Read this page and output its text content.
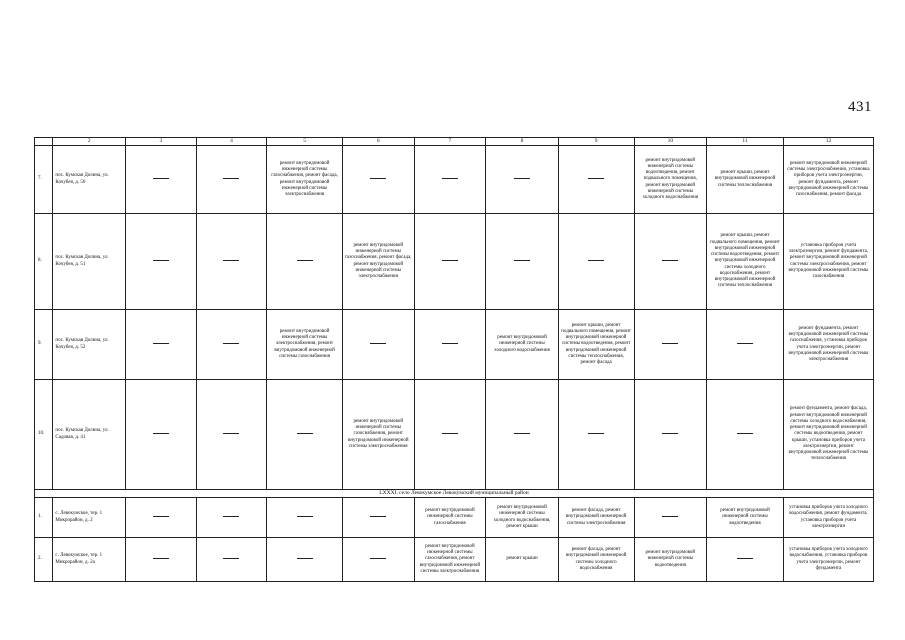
431
	2	3	4	5	6	7	8	9	10	11	12
7.	пос. Кумская Долина, ул. Кочубея, д. 50			ремонт внутридомовой инженерной системы газоснабжения, ремонт фасада, ремонт внутридомовой инженерной системы электроснабжения					ремонт внутридомовой инженерной системы водоотведения, ремонт подвального помещения, ремонт внутридомовой инженерной системы холодного водоснабжения	ремонт крыши, ремонт внутридомовой инженерной системы теплоснабжения	ремонт внутридомовой инженерной системы электроснабжения, установка приборов учета электроэнергии, ремонт фундамента, ремонт внутридомовой инженерной системы газоснабжения, ремонт фасада
8.	пос. Кумская Долина, ул. Кочубея, д. 51				ремонт внутридомовой инженерной системы газоснабжения, ремонт фасада, ремонт внутридомовой инженерной системы электроснабжения					ремонт крыши, ремонт подвального помещения, ремонт внутридомовой инженерной системы водоотведения, ремонт внутридомовой инженерной системы холодного водоснабжения, ремонт внутридомовой инженерной системы теплоснабжения	установка приборов учета электроэнергии, ремонт фундамента, ремонт внутридомовой инженерной системы электроснабжения, ремонт внутридомовой инженерной системы газоснабжения
9.	пос. Кумская Долина, ул. Кочубея, д. 52			ремонт внутридомовой инженерной системы электроснабжения, ремонт внутридомовой инженерной системы газоснабжения			ремонт внутридомовой инженерной системы холодного водоснабжения	ремонт крыши, ремонт подвального помещения, ремонт внутридомовой инженерной системы водоотведения, ремонт внутридомовой инженерной системы теплоснабжения, ремонт фасада			ремонт фундамента, ремонт внутридомовой инженерной системы газоснабжения, установка приборов учета электроэнергии, ремонт внутридомовой инженерной системы электроснабжения
10.	пос. Кумская Долина, ул. Садовая, д. 41				ремонт внутридомовой инженерной системы газоснабжения, ремонт внутридомовой инженерной системы электроснабжения						ремонт фундамента, ремонт фасада, ремонт внутридомовой инженерной системы холодного водоснабжения, ремонт внутридомовой инженерной системы водоотведения, ремонт крыши, установка приборов учета электроэнергии, ремонт внутридомовой инженерной системы теплоснабжения
LXXXI. село Левокумское Левокумский муниципальный район											
1.	с. Левокумское, тер. 1 Микрорайон, д. 2					ремонт внутридомовой инженерной системы газоснабжения	ремонт внутридомовой инженерной системы холодного водоснабжения, ремонт крыши	ремонт фасада, ремонт внутридомовой инженерной системы электроснабжения		ремонт внутридомовой инженерной системы водоотведения	установка приборов учета холодного водоснабжения, ремонт фундамента, установка приборов учета электроэнергии
2.	с. Левокумское, тер. 1 Микрорайон, д. 2а					ремонт внутридомовой инженерной системы газоснабжения, ремонт внутридомовой инженерной системы электроснабжения	ремонт крыши	ремонт фасада, ремонт внутридомовой инженерной системы холодного водоснабжения	ремонт внутридомовой инженерной системы водоотведения		установка приборов учета холодного водоснабжения, установка приборов учета электроэнергии, ремонт фундамента
